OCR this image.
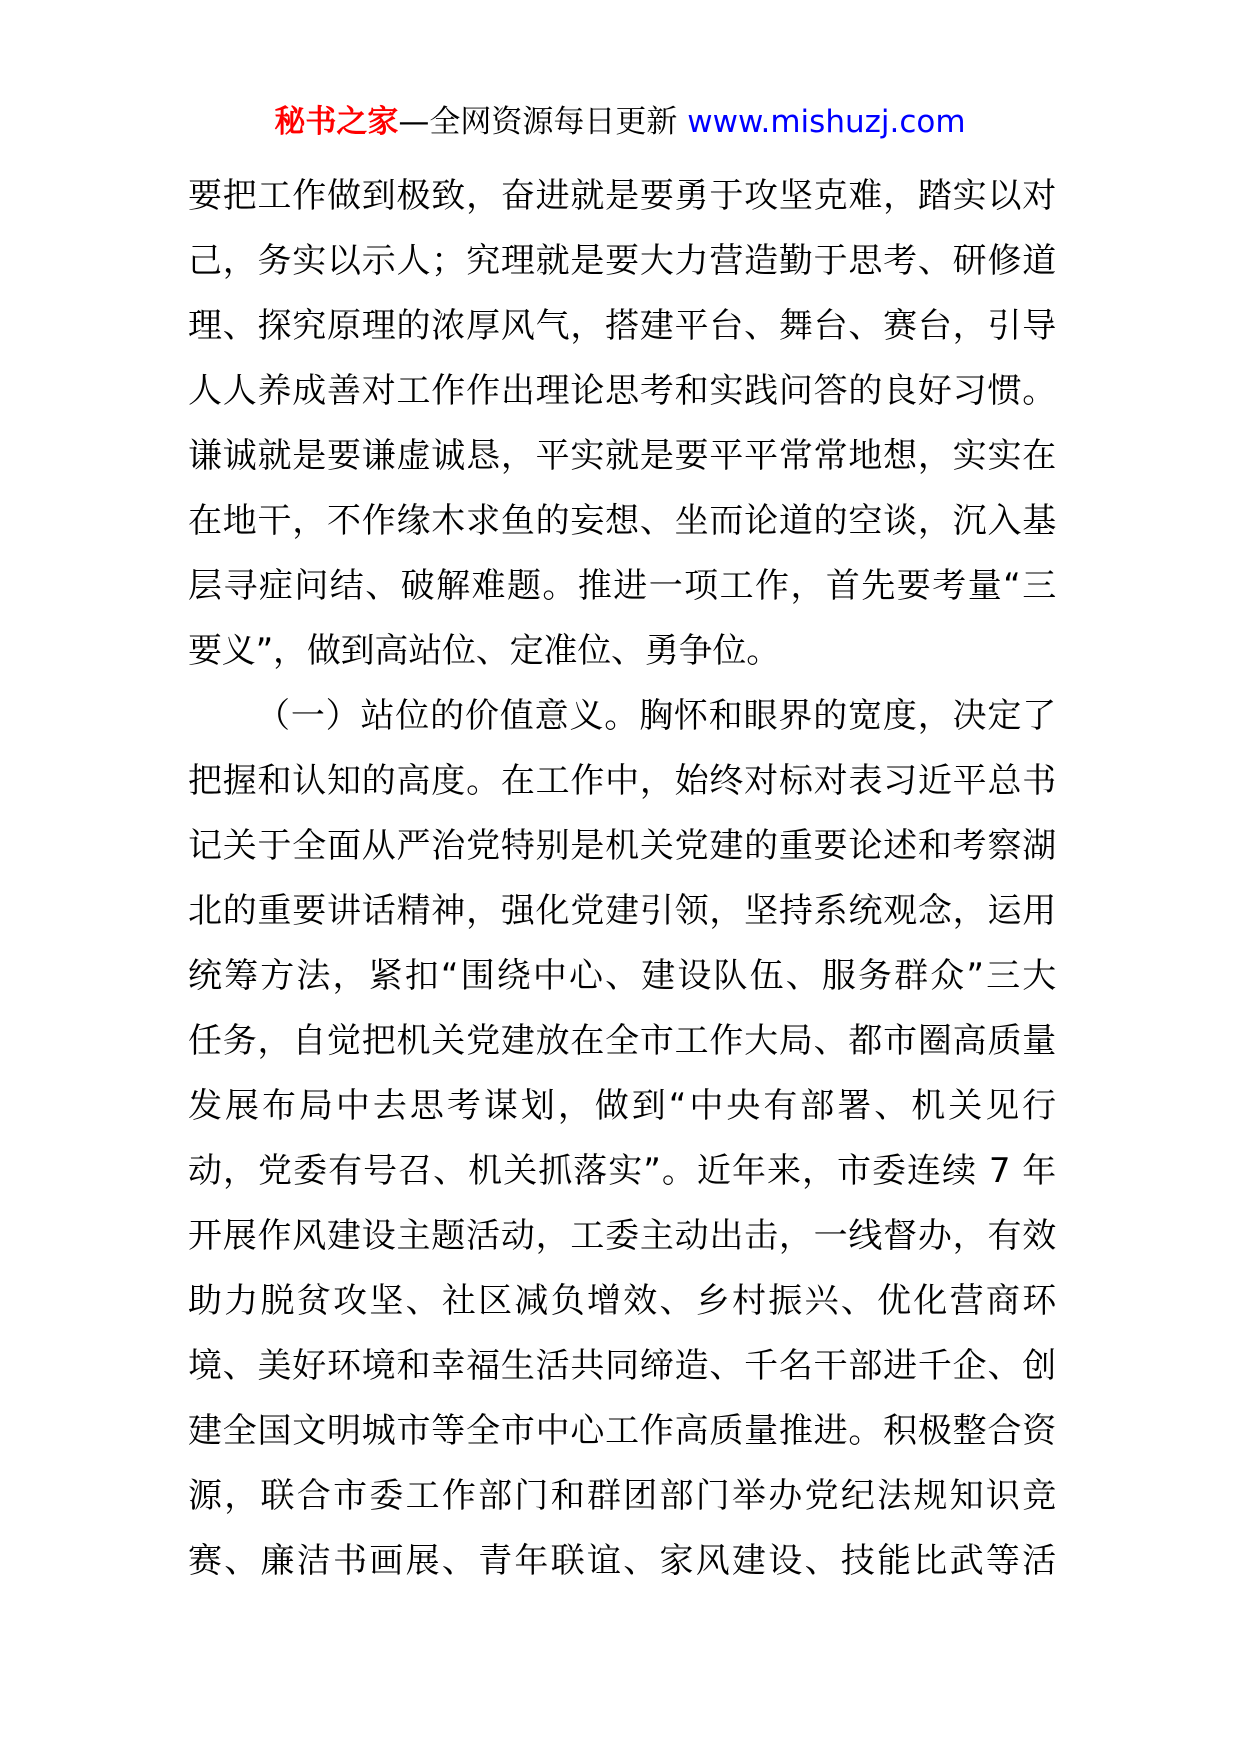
秘书之家—全网资源每日更新 www.mishuzj.com
要把工作做到极致，奋进就是要勇于攻坚克难，踏实以对
己，务实以示人；究理就是要大力营造勤于思考、研修道
理、探究原理的浓厚风气，搭建平台、舞台、赛台，引导
人人养成善对工作作出理论思考和实践问答的良好习惯。
谦诚就是要谦虚诚恳，平实就是要平平常常地想，实实在
在地干，不作缘木求鱼的妄想、坐而论道的空谈，沉入基
层寻症问结、破解难题。推进一项工作，首先要考量“三
要义”，做到高站位、定准位、勇争位。
（一）站位的价值意义。胸怀和眼界的宽度，决定了
把握和认知的高度。在工作中，始终对标对表习近平总书
记关于全面从严治党特别是机关党建的重要论述和考察湖
北的重要讲话精神，强化党建引领，坚持系统观念，运用
统筹方法，紧扣“围绕中心、建设队伍、服务群众”三大
任务，自觉把机关党建放在全市工作大局、都市圈高质量
发展布局中去思考谋划，做到“中央有部署、机关见行
动，党委有号召、机关抓落实”。近年来，市委连续 7 年
开展作风建设主题活动，工委主动出击，一线督办，有效
助力脱贫攻坚、社区减负增效、乡村振兴、优化营商环
境、美好环境和幸福生活共同缔造、千名干部进千企、创
建全国文明城市等全市中心工作高质量推进。积极整合资
源，联合市委工作部门和群团部门举办党纪法规知识竞
赛、廉洁书画展、青年联谊、家风建设、技能比武等活
